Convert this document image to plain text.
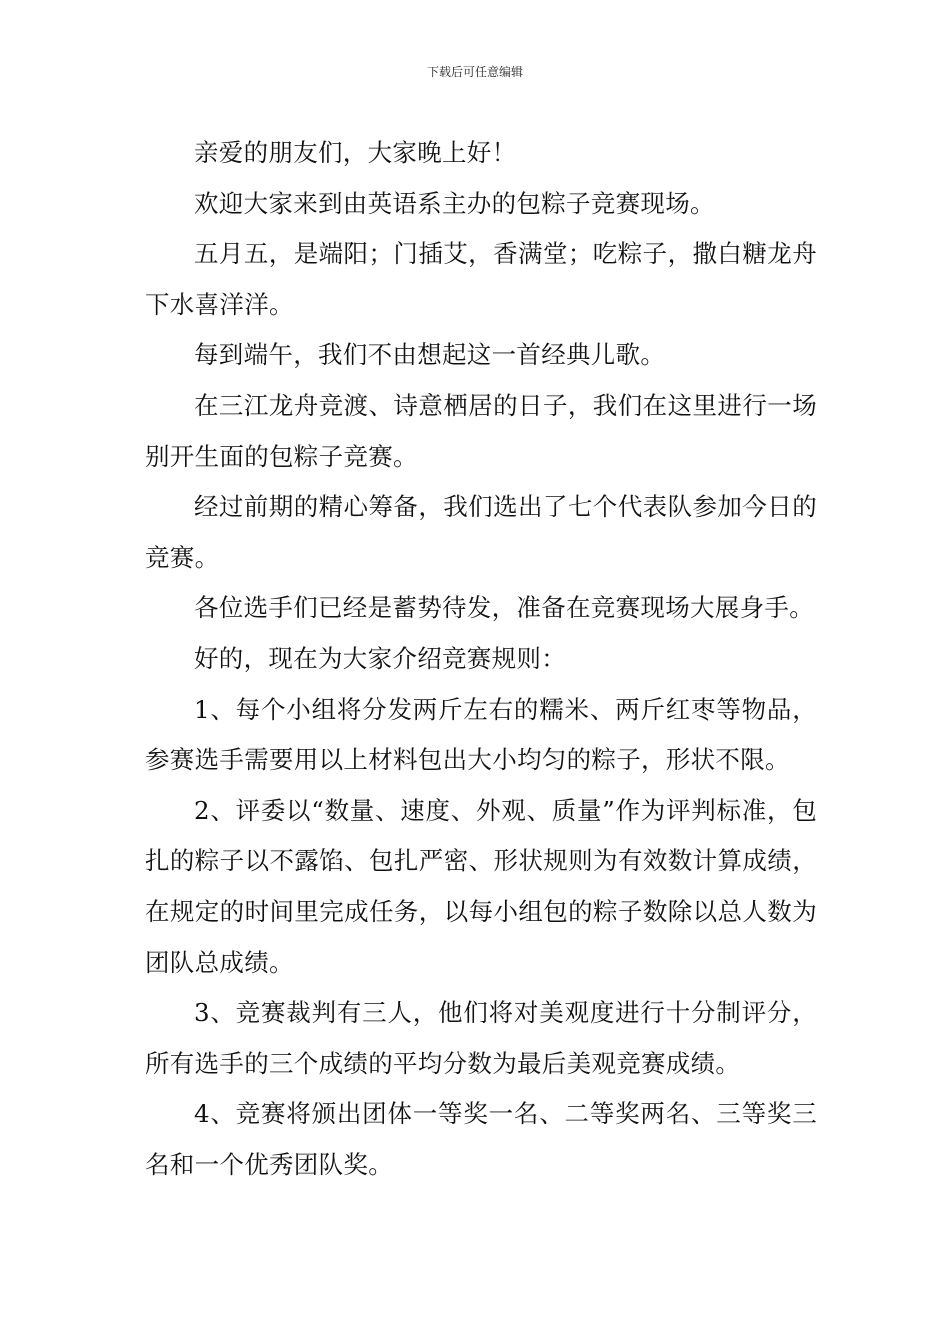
下载后可任意编辑

亲爱的朋友们，大家晚上好！

欢迎大家来到由英语系主办的包粽子竞赛现场。

五月五，是端阳；门插艾，香满堂；吃粽子，撒白糖龙舟下水喜洋洋。

每到端午，我们不由想起这一首经典儿歌。

在三江龙舟竞渡、诗意栖居的日子，我们在这里进行一场别开生面的包粽子竞赛。

经过前期的精心筹备，我们选出了七个代表队参加今日的竞赛。

各位选手们已经是蓄势待发，准备在竞赛现场大展身手。

好的，现在为大家介绍竞赛规则：

1、每个小组将分发两斤左右的糯米、两斤红枣等物品，参赛选手需要用以上材料包出大小均匀的粽子，形状不限。

2、评委以“数量、速度、外观、质量”作为评判标准，包扎的粽子以不露馅、包扎严密、形状规则为有效数计算成绩，在规定的时间里完成任务，以每小组包的粽子数除以总人数为团队总成绩。

3、竞赛裁判有三人，他们将对美观度进行十分制评分，所有选手的三个成绩的平均分数为最后美观竞赛成绩。

4、竞赛将颁出团体一等奖一名、二等奖两名、三等奖三名和一个优秀团队奖。
